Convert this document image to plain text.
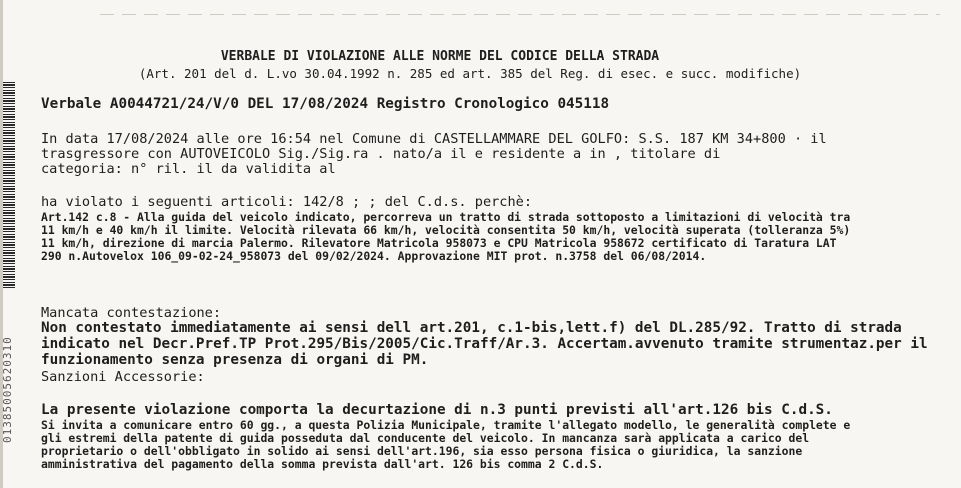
01385005620310
VERBALE DI VIOLAZIONE ALLE NORME DEL CODICE DELLA STRADA
(Art. 201 del d. L.vo 30.04.1992 n. 285 ed art. 385 del Reg. di esec. e succ. modifiche)
Verbale A0044721/24/V/0 DEL 17/08/2024 Registro Cronologico 045118
In data 17/08/2024 alle ore 16:54 nel Comune di CASTELLAMMARE DEL GOLFO: S.S. 187 KM 34+800 · il
trasgressore con AUTOVEICOLO Sig./Sig.ra . nato/a il e residente a in , titolare di
categoria: n° ril. il da validita al
ha violato i seguenti articoli: 142/8 ; ; del C.d.s. perchè:
Art.142 c.8 - Alla guida del veicolo indicato, percorreva un tratto di strada sottoposto a limitazioni di velocità tra
11 km/h e 40 km/h il limite. Velocità rilevata 66 km/h, velocità consentita 50 km/h, velocità superata (tolleranza 5%)
11 km/h, direzione di marcia Palermo. Rilevatore Matricola 958073 e CPU Matricola 958672 certificato di Taratura LAT
290 n.Autovelox 106_09-02-24_958073 del 09/02/2024. Approvazione MIT prot. n.3758 del 06/08/2014.
Mancata contestazione:
Non contestato immediatamente ai sensi dell art.201, c.1-bis,lett.f) del DL.285/92. Tratto di strada
indicato nel Decr.Pref.TP Prot.295/Bis/2005/Cic.Traff/Ar.3. Accertam.avvenuto tramite strumentaz.per il
funzionamento senza presenza di organi di PM.
Sanzioni Accessorie:
La presente violazione comporta la decurtazione di n.3 punti previsti all'art.126 bis C.d.S.
Si invita a comunicare entro 60 gg., a questa Polizia Municipale, tramite l'allegato modello, le generalità complete e
gli estremi della patente di guida posseduta dal conducente del veicolo. In mancanza sarà applicata a carico del
proprietario o dell'obbligato in solido ai sensi dell'art.196, sia esso persona fisica o giuridica, la sanzione
amministrativa del pagamento della somma prevista dall'art. 126 bis comma 2 C.d.S.
